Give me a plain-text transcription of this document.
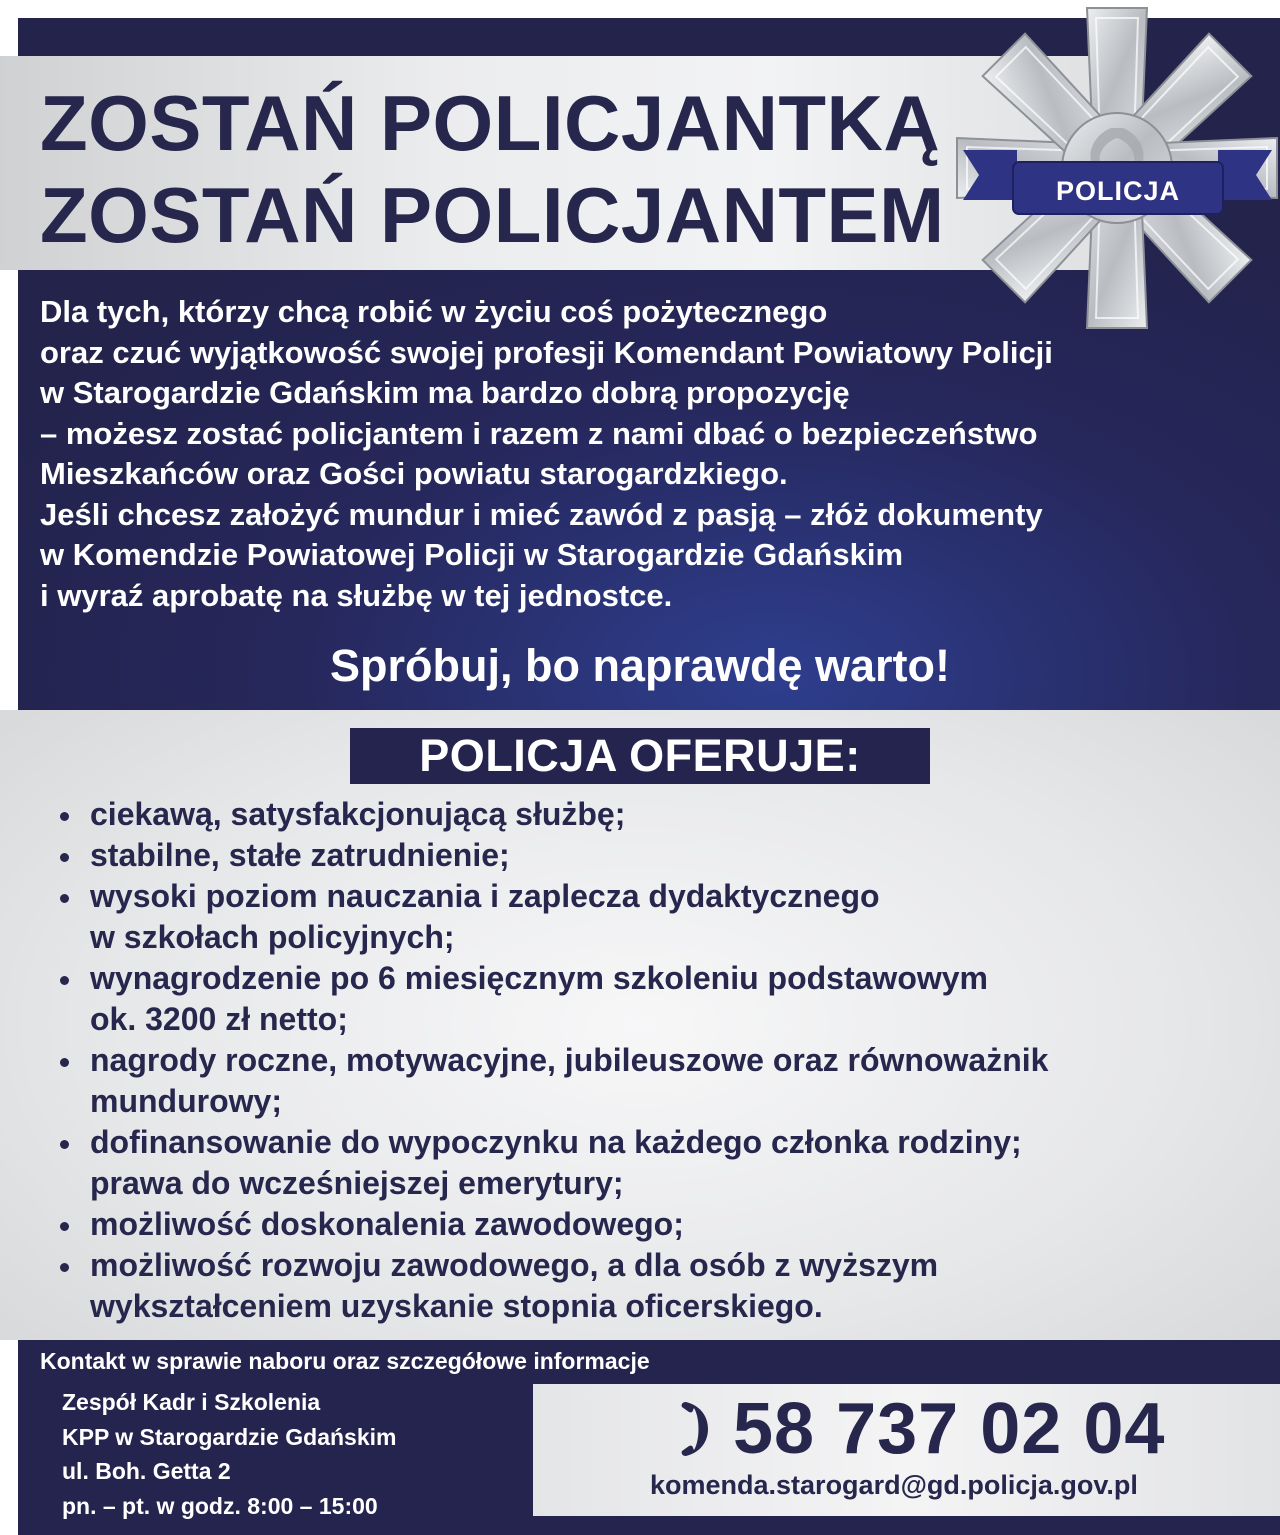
ZOSTAŃ POLICJANTKĄ
ZOSTAŃ POLICJANTEM	POLICJA
Dla tych, którzy chcą robić w życiu coś pożytecznego
oraz czuć wyjątkowość swojej profesji Komendant Powiatowy Policji
w Starogardzie Gdańskim ma bardzo dobrą propozycję
– możesz zostać policjantem i razem z nami dbać o bezpieczeństwo
Mieszkańców oraz Gości powiatu starogardzkiego.
Jeśli chcesz założyć mundur i mieć zawód z pasją – złóż dokumenty
w Komendzie Powiatowej Policji w Starogardzie Gdańskim
i wyraź aprobatę na służbę w tej jednostce.
Spróbuj, bo naprawdę warto!
POLICJA OFERUJE:
ciekawą, satysfakcjonującą służbę;
stabilne, stałe zatrudnienie;
wysoki poziom nauczania i zaplecza dydaktycznego
w szkołach policyjnych;
wynagrodzenie po 6 miesięcznym szkoleniu podstawowym
ok. 3200 zł netto;
nagrody roczne, motywacyjne, jubileuszowe oraz równoważnik
mundurowy;
dofinansowanie do wypoczynku na każdego członka rodziny;
prawa do wcześniejszej emerytury;
możliwość doskonalenia zawodowego;
możliwość rozwoju zawodowego, a dla osób z wyższym
wykształceniem uzyskanie stopnia oficerskiego.
Kontakt w sprawie naboru oraz szczegółowe informacje
Zespół Kadr i Szkolenia
KPP w Starogardzie Gdańskim
ul. Boh. Getta 2
pn. – pt. w godz. 8:00 – 15:00
58 737 02 04
komenda.starogard@gd.policja.gov.pl
